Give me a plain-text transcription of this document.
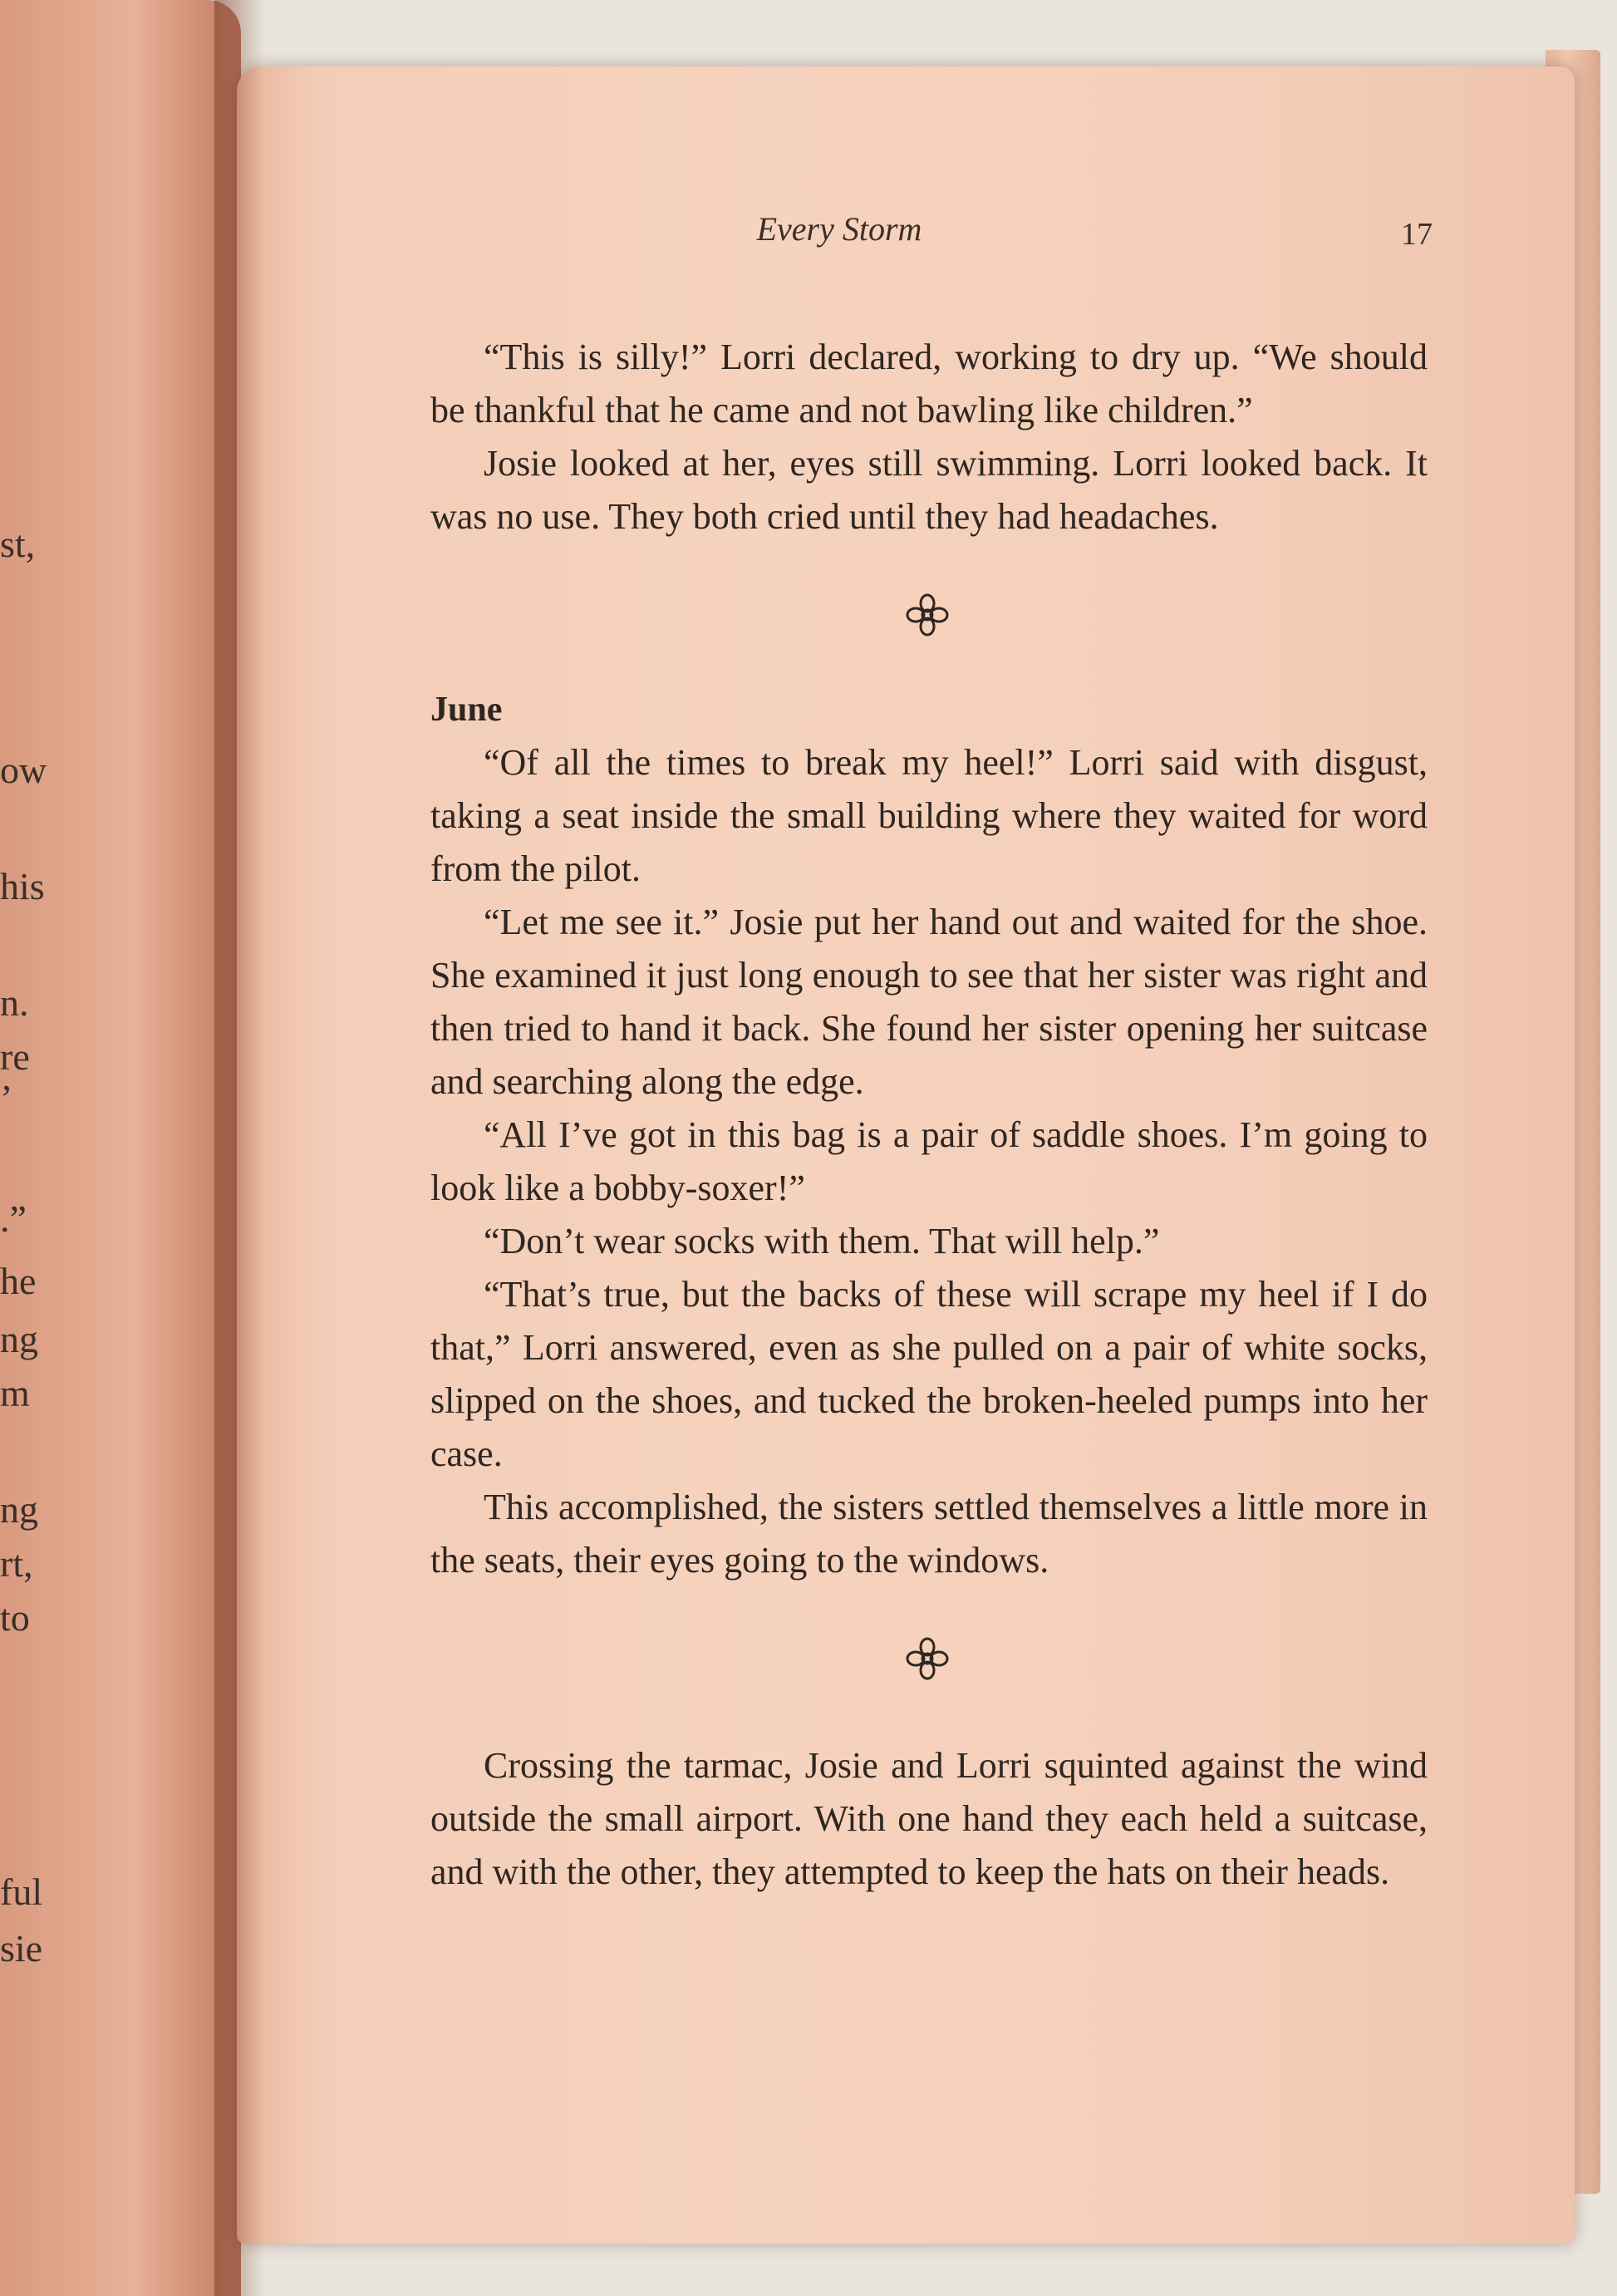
st,
ow
his
n.
re
’
.”
he
ng
m
ng
rt,
to
ful
sie
Every Storm	17

“This is silly!” Lorri declared, working to dry up. “We should be thankful that he came and not bawling like children.”

Josie looked at her, eyes still swimming. Lorri looked back. It was no use. They both cried until they had headaches.

June

“Of all the times to break my heel!” Lorri said with disgust, taking a seat inside the small building where they waited for word from the pilot.

“Let me see it.” Josie put her hand out and waited for the shoe. She examined it just long enough to see that her sister was right and then tried to hand it back. She found her sister opening her suitcase and searching along the edge.

“All I’ve got in this bag is a pair of saddle shoes. I’m going to look like a bobby-soxer!”

“Don’t wear socks with them. That will help.”

“That’s true, but the backs of these will scrape my heel if I do that,” Lorri answered, even as she pulled on a pair of white socks, slipped on the shoes, and tucked the broken-heeled pumps into her case.

This accomplished, the sisters settled themselves a little more in the seats, their eyes going to the windows.

Crossing the tarmac, Josie and Lorri squinted against the wind outside the small airport. With one hand they each held a suitcase, and with the other, they attempted to keep the hats on their heads.
